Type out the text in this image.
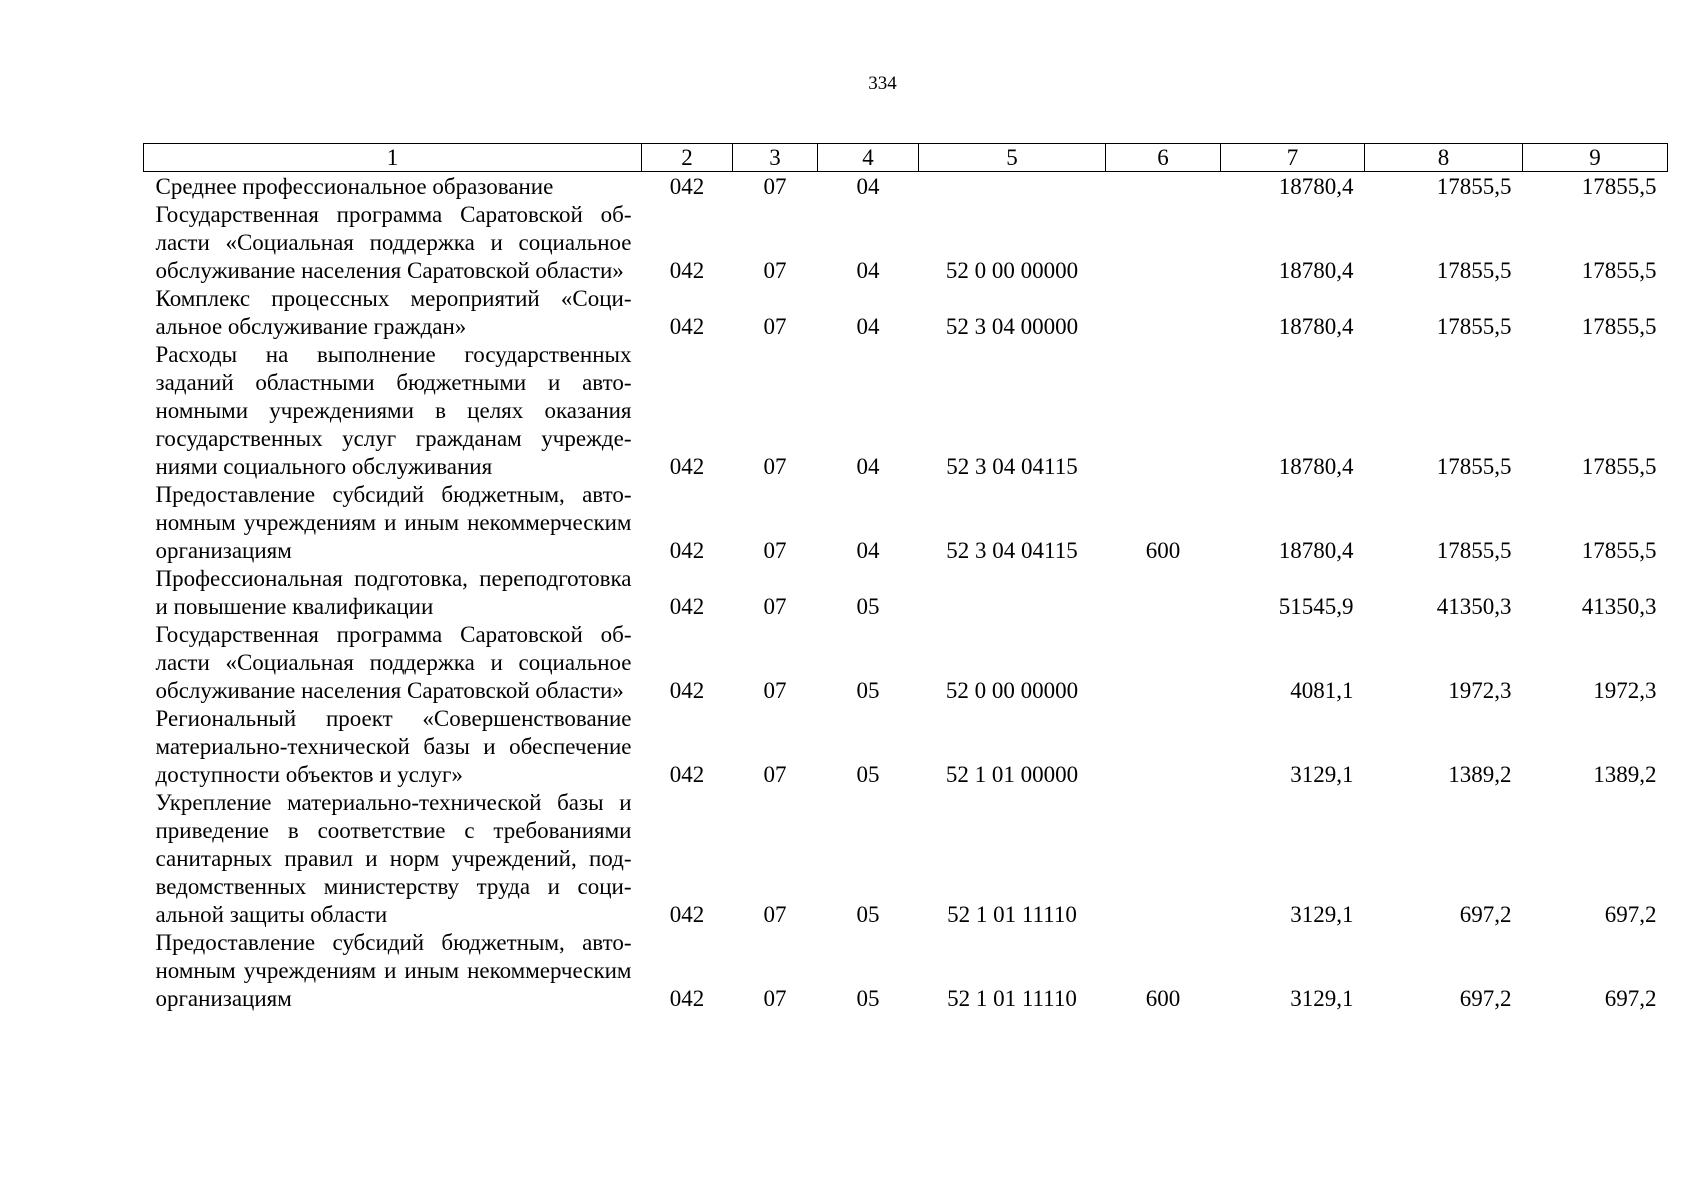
334
1	2	3	4	5	6	7	8	9
Среднее профессиональное образование	042	07	04			18780,4	17855,5	17855,5
Государственная программа Саратовской области «Социальная поддержка и социальное обслуживание населения Саратовской области»	042	07	04	52 0 00 00000		18780,4	17855,5	17855,5
Комплекс процессных мероприятий «Социальное обслуживание граждан»	042	07	04	52 3 04 00000		18780,4	17855,5	17855,5
Расходы на выполнение государственных заданий областными бюджетными и автономными учреждениями в целях оказания государственных услуг гражданам учреждениями социального обслуживания	042	07	04	52 3 04 04115		18780,4	17855,5	17855,5
Предоставление субсидий бюджетным, автономным учреждениям и иным некоммерческим организациям	042	07	04	52 3 04 04115	600	18780,4	17855,5	17855,5
Профессиональная подготовка, переподготовка и повышение квалификации	042	07	05			51545,9	41350,3	41350,3
Государственная программа Саратовской области «Социальная поддержка и социальное обслуживание населения Саратовской области»	042	07	05	52 0 00 00000		4081,1	1972,3	1972,3
Региональный проект «Совершенствование материально-технической базы и обеспечение доступности объектов и услуг»	042	07	05	52 1 01 00000		3129,1	1389,2	1389,2
Укрепление материально-технической базы и приведение в соответствие с требованиями санитарных правил и норм учреждений, подведомственных министерству труда и социальной защиты области	042	07	05	52 1 01 11110		3129,1	697,2	697,2
Предоставление субсидий бюджетным, автономным учреждениям и иным некоммерческим организациям	042	07	05	52 1 01 11110	600	3129,1	697,2	697,2
